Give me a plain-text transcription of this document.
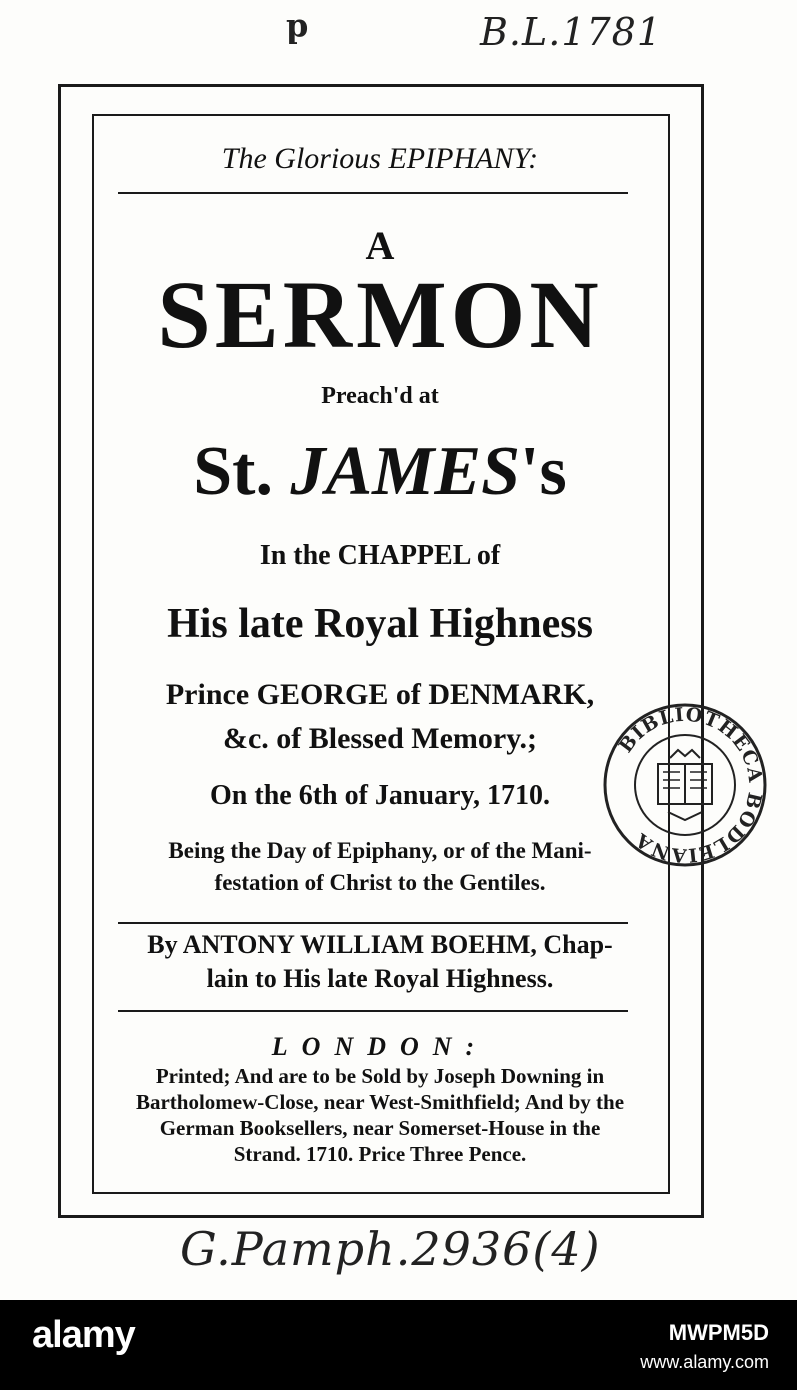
B.L.1781
d
The Glorious EPIPHANY:
A
SERMON
Preach'd at
St. JAMES's
In the CHAPPEL of
His late Royal Highness
Prince GEORGE of DENMARK,
&c. of Blessed Memory.;
On the 6th of January, 1710.
Being the Day of Epiphany, or of the Mani-
festation of Christ to the Gentiles.
By ANTONY WILLIAM BOEHM, Chap-
lain to His late Royal Highness.
LONDON:
Printed; And are to be Sold by Joseph Downing in
Bartholomew-Close, near West-Smithfield; And by the
German Booksellers, near Somerset-House in the
Strand. 1710. Price Three Pence.
BIBLIOTHECA BODLEIANA
G.Pamph.2936(4)
alamy	MWPM5D
www.alamy.com
